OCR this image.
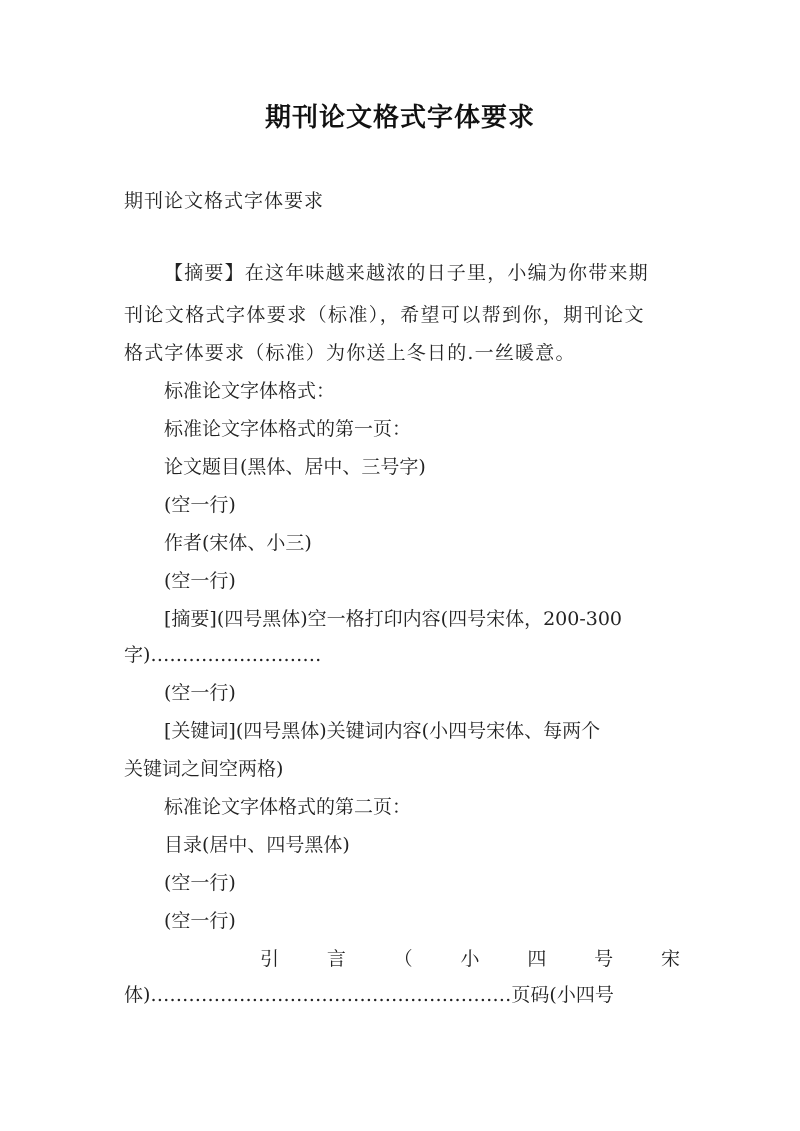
期刊论文格式字体要求
期刊论文格式字体要求
【摘要】在这年味越来越浓的日子里，小编为你带来期
刊论文格式字体要求（标准），希望可以帮到你，期刊论文
格式字体要求（标准）为你送上冬日的.一丝暖意。
标准论文字体格式：
标准论文字体格式的第一页：
论文题目(黑体、居中、三号字)
(空一行)
作者(宋体、小三)
(空一行)
[摘要](四号黑体)空一格打印内容(四号宋体，200-300
字)………………………
(空一行)
[关键词](四号黑体)关键词内容(小四号宋体、每两个
关键词之间空两格)
标准论文字体格式的第二页：
目录(居中、四号黑体)
(空一行)
(空一行)
引	言	（	小	四	号	宋
体)…………………………………………………页码(小四号
